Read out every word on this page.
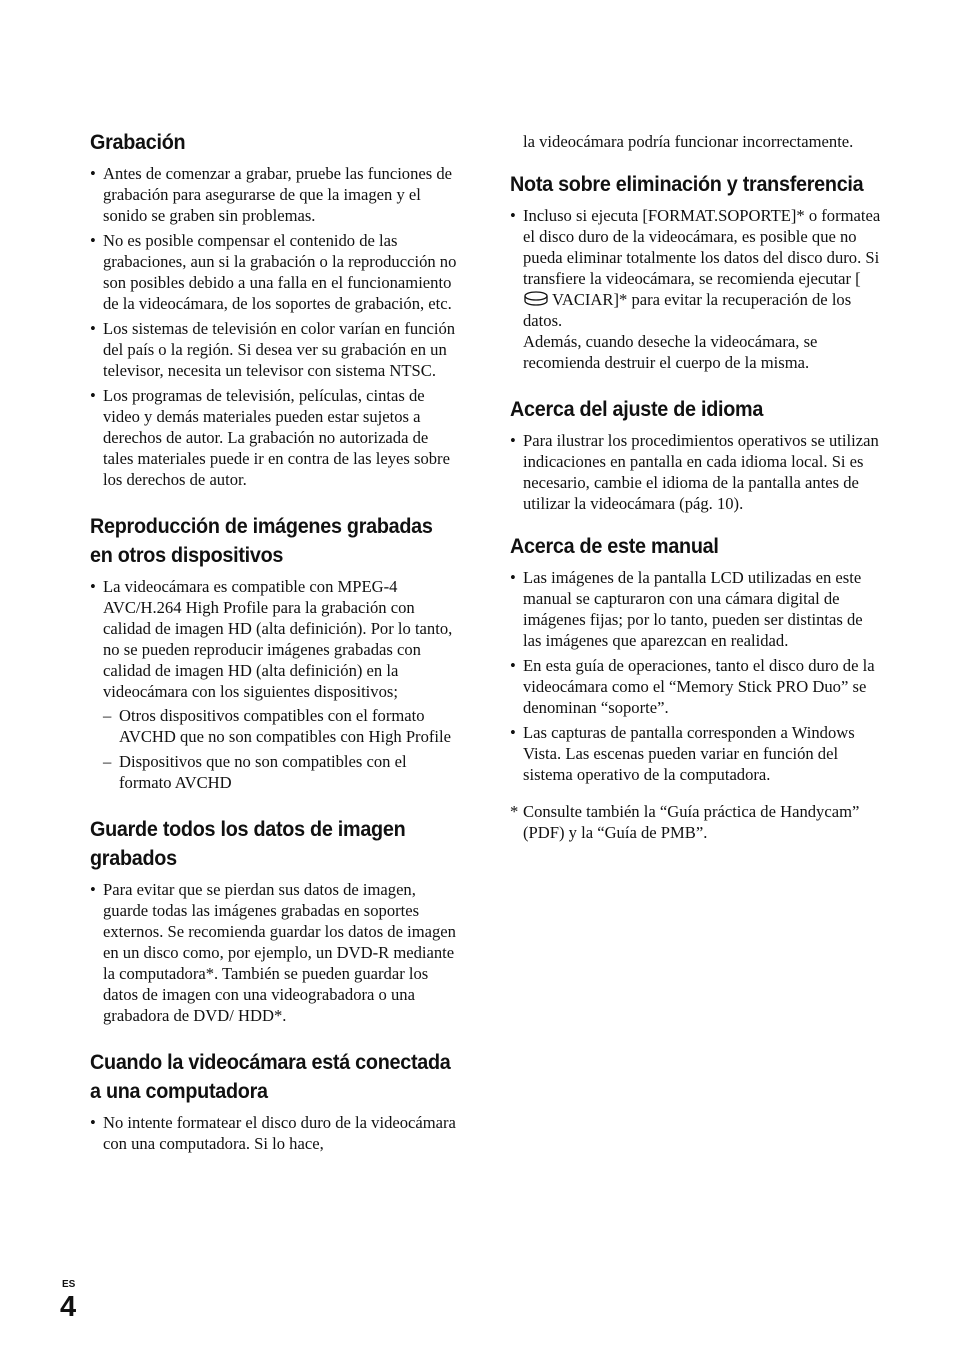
Grabación
• Antes de comenzar a grabar, pruebe las funciones de grabación para asegurarse de que la imagen y el sonido se graben sin problemas.
• No es posible compensar el contenido de las grabaciones, aun si la grabación o la reproducción no son posibles debido a una falla en el funcionamiento de la videocámara, de los soportes de grabación, etc.
• Los sistemas de televisión en color varían en función del país o la región. Si desea ver su grabación en un televisor, necesita un televisor con sistema NTSC.
• Los programas de televisión, películas, cintas de video y demás materiales pueden estar sujetos a derechos de autor. La grabación no autorizada de tales materiales puede ir en contra de las leyes sobre los derechos de autor.
Reproducción de imágenes grabadas en otros dispositivos
• La videocámara es compatible con MPEG-4 AVC/H.264 High Profile para la grabación con calidad de imagen HD (alta definición). Por lo tanto, no se pueden reproducir imágenes grabadas con calidad de imagen HD (alta definición) en la videocámara con los siguientes dispositivos;
– Otros dispositivos compatibles con el formato AVCHD que no son compatibles con High Profile
– Dispositivos que no son compatibles con el formato AVCHD
Guarde todos los datos de imagen grabados
• Para evitar que se pierdan sus datos de imagen, guarde todas las imágenes grabadas en soportes externos. Se recomienda guardar los datos de imagen en un disco como, por ejemplo, un DVD-R mediante la computadora*. También se pueden guardar los datos de imagen con una videograbadora o una grabadora de DVD/ HDD*.
Cuando la videocámara está conectada a una computadora
• No intente formatear el disco duro de la videocámara con una computadora. Si lo hace,
la videocámara podría funcionar incorrectamente.
Nota sobre eliminación y transferencia
• Incluso si ejecuta [FORMAT.SOPORTE]* o formatea el disco duro de la videocámara, es posible que no pueda eliminar totalmente los datos del disco duro. Si transfiere la videocámara, se recomienda ejecutar [VACIAR]* para evitar la recuperación de los datos.
Además, cuando deseche la videocámara, se recomienda destruir el cuerpo de la misma.
Acerca del ajuste de idioma
• Para ilustrar los procedimientos operativos se utilizan indicaciones en pantalla en cada idioma local. Si es necesario, cambie el idioma de la pantalla antes de utilizar la videocámara (pág. 10).
Acerca de este manual
• Las imágenes de la pantalla LCD utilizadas en este manual se capturaron con una cámara digital de imágenes fijas; por lo tanto, pueden ser distintas de las imágenes que aparezcan en realidad.
• En esta guía de operaciones, tanto el disco duro de la videocámara como el “Memory Stick PRO Duo” se denominan “soporte”.
• Las capturas de pantalla corresponden a Windows Vista. Las escenas pueden variar en función del sistema operativo de la computadora.
* Consulte también la “Guía práctica de Handycam” (PDF) y la “Guía de PMB”.
ES
4
